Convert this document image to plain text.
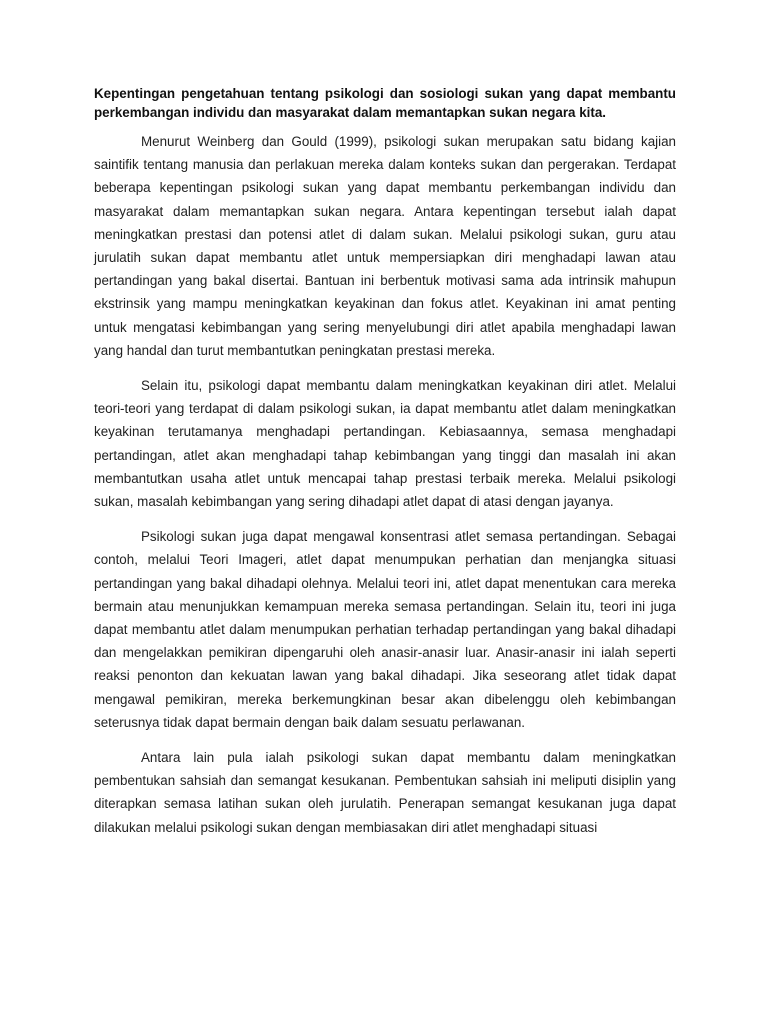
Kepentingan pengetahuan tentang psikologi dan sosiologi sukan yang dapat membantu perkembangan individu dan masyarakat dalam memantapkan sukan negara kita.

Menurut Weinberg dan Gould (1999), psikologi sukan merupakan satu bidang kajian saintifik tentang manusia dan perlakuan mereka dalam konteks sukan dan pergerakan. Terdapat beberapa kepentingan psikologi sukan yang dapat membantu perkembangan individu dan masyarakat dalam memantapkan sukan negara. Antara kepentingan tersebut ialah dapat meningkatkan prestasi dan potensi atlet di dalam sukan. Melalui psikologi sukan, guru atau jurulatih sukan dapat membantu atlet untuk mempersiapkan diri menghadapi lawan atau pertandingan yang bakal disertai. Bantuan ini berbentuk motivasi sama ada intrinsik mahupun ekstrinsik yang mampu meningkatkan keyakinan dan fokus atlet. Keyakinan ini amat penting untuk mengatasi kebimbangan yang sering menyelubungi diri atlet apabila menghadapi lawan yang handal dan turut membantutkan peningkatan prestasi mereka.

Selain itu, psikologi dapat membantu dalam meningkatkan keyakinan diri atlet. Melalui teori-teori yang terdapat di dalam psikologi sukan, ia dapat membantu atlet dalam meningkatkan keyakinan terutamanya menghadapi pertandingan. Kebiasaannya, semasa menghadapi pertandingan, atlet akan menghadapi tahap kebimbangan yang tinggi dan masalah ini akan membantutkan usaha atlet untuk mencapai tahap prestasi terbaik mereka. Melalui psikologi sukan, masalah kebimbangan yang sering dihadapi atlet dapat di atasi dengan jayanya.

Psikologi sukan juga dapat mengawal konsentrasi atlet semasa pertandingan. Sebagai contoh, melalui Teori Imageri, atlet dapat menumpukan perhatian dan menjangka situasi pertandingan yang bakal dihadapi olehnya. Melalui teori ini, atlet dapat menentukan cara mereka bermain atau menunjukkan kemampuan mereka semasa pertandingan. Selain itu, teori ini juga dapat membantu atlet dalam menumpukan perhatian terhadap pertandingan yang bakal dihadapi dan mengelakkan pemikiran dipengaruhi oleh anasir-anasir luar. Anasir-anasir ini ialah seperti reaksi penonton dan kekuatan lawan yang bakal dihadapi. Jika seseorang atlet tidak dapat mengawal pemikiran, mereka berkemungkinan besar akan dibelenggu oleh kebimbangan seterusnya tidak dapat bermain dengan baik dalam sesuatu perlawanan.

Antara lain pula ialah psikologi sukan dapat membantu dalam meningkatkan pembentukan sahsiah dan semangat kesukanan. Pembentukan sahsiah ini meliputi disiplin yang diterapkan semasa latihan sukan oleh jurulatih. Penerapan semangat kesukanan juga dapat dilakukan melalui psikologi sukan dengan membiasakan diri atlet menghadapi situasi
